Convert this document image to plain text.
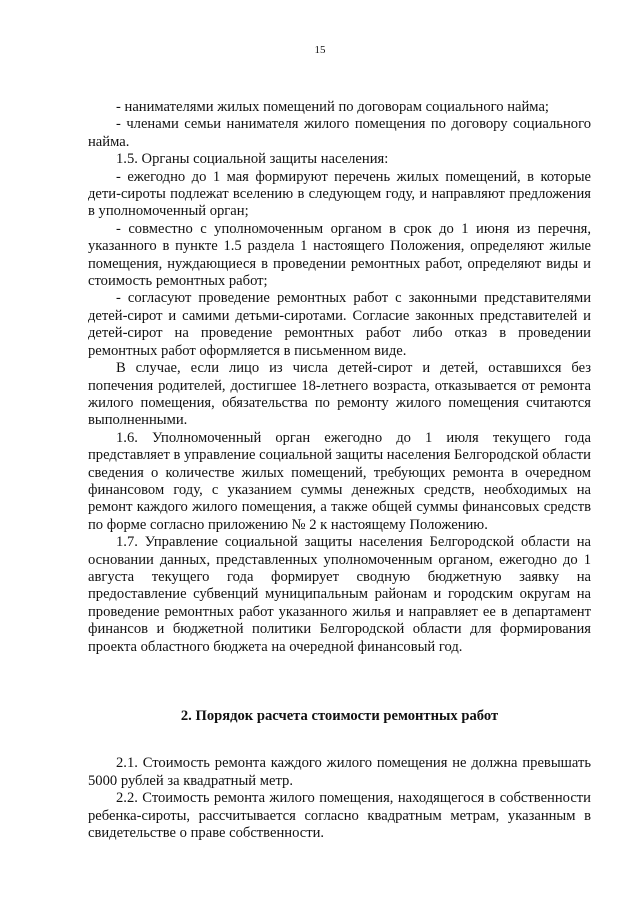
15

- нанимателями жилых помещений по договорам социального найма;

- членами семьи нанимателя жилого помещения по договору социального найма.

1.5. Органы социальной защиты населения:

- ежегодно до 1 мая формируют перечень жилых помещений, в которые дети-сироты подлежат вселению в следующем году, и направляют предложения в уполномоченный орган;

- совместно с уполномоченным органом в срок до 1 июня из перечня, указанного в пункте 1.5 раздела 1 настоящего Положения, определяют жилые помещения, нуждающиеся в проведении ремонтных работ, определяют виды и стоимость ремонтных работ;

- согласуют проведение ремонтных работ с законными представителями детей-сирот и самими детьми-сиротами. Согласие законных представителей и детей-сирот на проведение ремонтных работ либо отказ в проведении ремонтных работ оформляется в письменном виде.

В случае, если лицо из числа детей-сирот и детей, оставшихся без попечения родителей, достигшее 18-летнего возраста, отказывается от ремонта жилого помещения, обязательства по ремонту жилого помещения считаются выполненными.

1.6. Уполномоченный орган ежегодно до 1 июля текущего года представляет в управление социальной защиты населения Белгородской области сведения о количестве жилых помещений, требующих ремонта в очередном финансовом году, с указанием суммы денежных средств, необходимых на ремонт каждого жилого помещения, а также общей суммы финансовых средств по форме согласно приложению № 2 к настоящему Положению.

1.7. Управление социальной защиты населения Белгородской области на основании данных, представленных уполномоченным органом, ежегодно до 1 августа текущего года формирует сводную бюджетную заявку на предоставление субвенций муниципальным районам и городским округам на проведение ремонтных работ указанного жилья и направляет ее в департамент финансов и бюджетной политики Белгородской области для формирования проекта областного бюджета на очередной финансовый год.

2. Порядок расчета стоимости ремонтных работ

2.1. Стоимость ремонта каждого жилого помещения не должна превышать 5000 рублей за квадратный метр.

2.2. Стоимость ремонта жилого помещения, находящегося в собственности ребенка-сироты, рассчитывается согласно квадратным метрам, указанным в свидетельстве о праве собственности.
